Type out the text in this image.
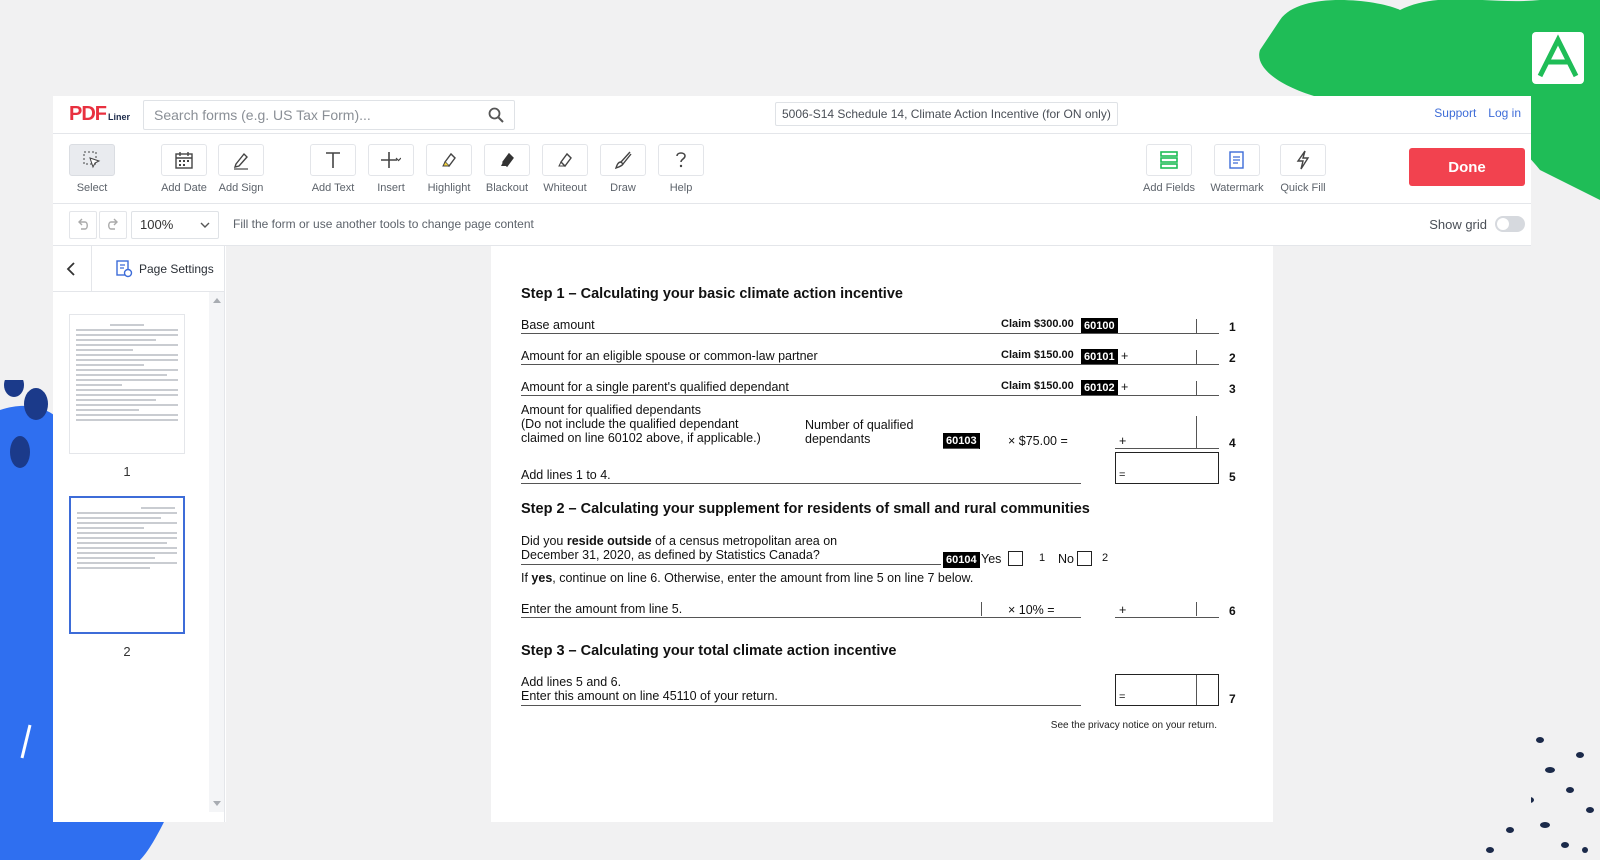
PDF Liner
Search forms (e.g. US Tax Form)...	5006-S14 Schedule 14, Climate Action Incentive (for ON only)	Support Log in
Select	Add Date	Add Sign	Add Text	Insert	Highlight	Blackout	Whiteout	Draw	Help	Add Fields Watermark	Quick Fill
Done
100%	Fill the form or use another tools to change page content	Show grid
Page Settings
1
2
Step 1 – Calculating your basic climate action incentive
Base amount	Claim $300.00 60100	1
Amount for an eligible spouse or common-law partner	Claim $150.00 60101 +	2
Amount for a single parent's qualified dependant	Claim $150.00 60102 +	3
Amount for qualified dependants
(Do not include the qualified dependant
claimed on line 60102 above, if applicable.)
Number of qualified
dependants	60103	× $75.00 =	+	4
Add lines 1 to 4.	=	5
Step 2 – Calculating your supplement for residents of small and rural communities
Did you reside outside of a census metropolitan area on
December 31, 2020, as defined by Statistics Canada?	60104 Yes	1 No	2
If yes, continue on line 6. Otherwise, enter the amount from line 5 on line 7 below.
Enter the amount from line 5.	× 10% =	+	6
Step 3 – Calculating your total climate action incentive
Add lines 5 and 6.
Enter this amount on line 45110 of your return.	=	7
See the privacy notice on your return.
